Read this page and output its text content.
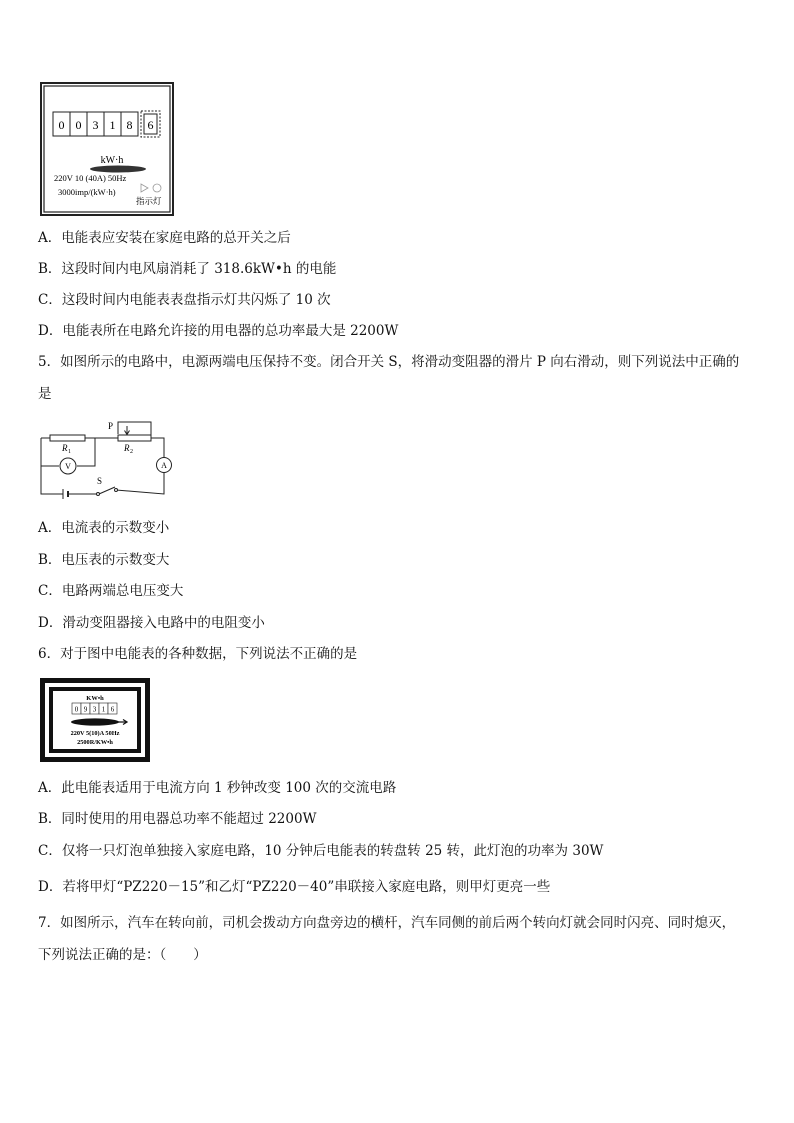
0 0 3 1 8 6
kW·h
220V 10 (40A) 50Hz
3000imp/(kW·h)
指示灯
A．电能表应安装在家庭电路的总开关之后
B．这段时间内电风扇消耗了 318.6kW•h 的电能
C．这段时间内电能表表盘指示灯共闪烁了 10 次
D．电能表所在电路允许接的用电器的总功率最大是 2200W
5．如图所示的电路中，电源两端电压保持不变。闭合开关 S，将滑动变阻器的滑片 P 向右滑动，则下列说法中正确的
是
P
R 1	R 2
V	A
S
A．电流表的示数变小
B．电压表的示数变大
C．电路两端总电压变大
D．滑动变阻器接入电路中的电阻变小
6．对于图中电能表的各种数据，下列说法不正确的是
KW•h
0 9 3 1 6
220V 5(10)A 50Hz
2500R/KW•h
A．此电能表适用于电流方向 1 秒钟改变 100 次的交流电路
B．同时使用的用电器总功率不能超过 2200W
C．仅将一只灯泡单独接入家庭电路，10 分钟后电能表的转盘转 25 转，此灯泡的功率为 30W
D．若将甲灯“PZ220－15”和乙灯“PZ220－40”串联接入家庭电路，则甲灯更亮一些
7．如图所示，汽车在转向前，司机会拨动方向盘旁边的横杆，汽车同侧的前后两个转向灯就会同时闪亮、同时熄灭，
下列说法正确的是：（　　）
